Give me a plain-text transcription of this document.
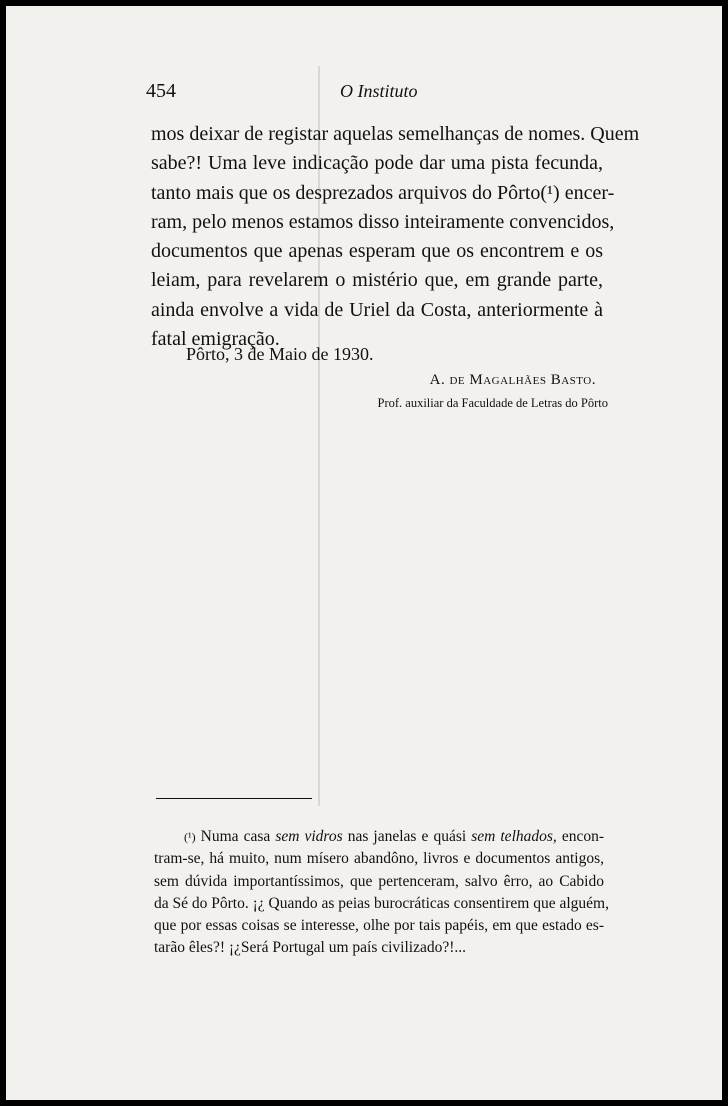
454	O Instituto
mos deixar de registar aquelas semelhanças de nomes. Quem
sabe?! Uma leve indicação pode dar uma pista fecunda,
tanto mais que os desprezados arquivos do Pôrto(¹) encer-
ram, pelo menos estamos disso inteiramente convencidos,
documentos que apenas esperam que os encontrem e os
leiam, para revelarem o mistério que, em grande parte,
ainda envolve a vida de Uriel da Costa, anteriormente à
fatal emigração.
Pôrto, 3 de Maio de 1930.
A. de Magalhães Basto.
Prof. auxiliar da Faculdade de Letras do Pôrto
(¹) Numa casa sem vidros nas janelas e quási sem telhados, encon-
tram-se, há muito, num mísero abandôno, livros e documentos antigos,
sem dúvida importantíssimos, que pertenceram, salvo êrro, ao Cabido
da Sé do Pôrto. ¡¿ Quando as peias burocráticas consentirem que alguém,
que por essas coisas se interesse, olhe por tais papéis, em que estado es-
tarão êles?! ¡¿Será Portugal um país civilizado?!...
